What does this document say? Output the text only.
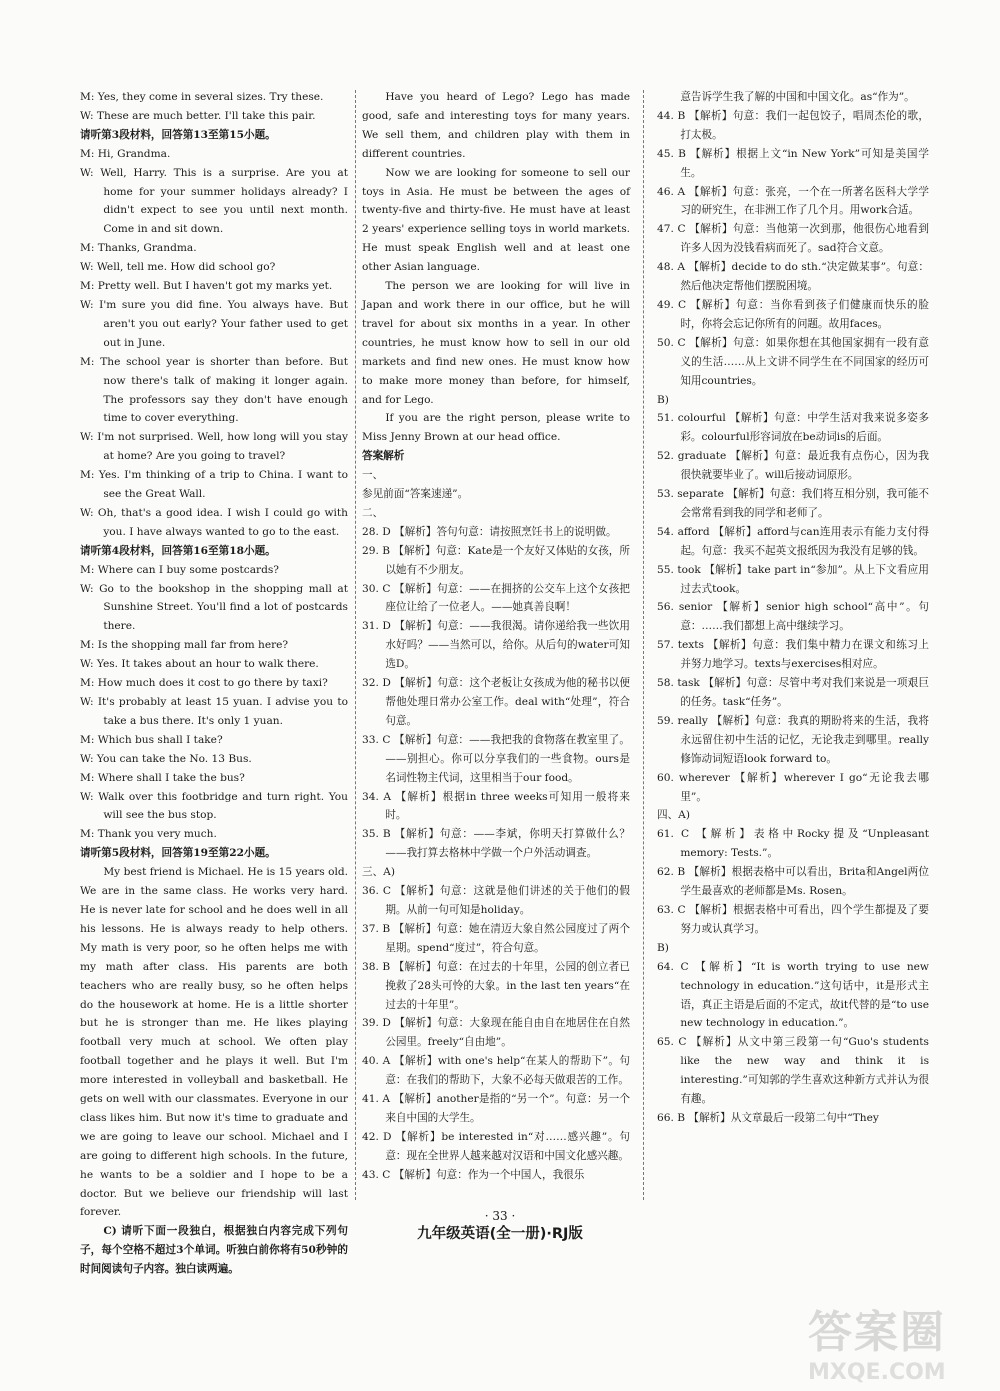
M: Yes, they come in several sizes. Try these.

W: These are much better. I'll take this pair.

请听第3段材料，回答第13至第15小题。

M: Hi, Grandma.

W: Well, Harry. This is a surprise. Are you at home for your summer holidays already? I didn't expect to see you until next month. Come in and sit down.

M: Thanks, Grandma.

W: Well, tell me. How did school go?

M: Pretty well. But I haven't got my marks yet.

W: I'm sure you did fine. You always have. But aren't you out early? Your father used to get out in June.

M: The school year is shorter than before. But now there's talk of making it longer again. The professors say they don't have enough time to cover everything.

W: I'm not surprised. Well, how long will you stay at home? Are you going to travel?

M: Yes. I'm thinking of a trip to China. I want to see the Great Wall.

W: Oh, that's a good idea. I wish I could go with you. I have always wanted to go to the east.

请听第4段材料，回答第16至第18小题。

M: Where can I buy some postcards?

W: Go to the bookshop in the shopping mall at Sunshine Street. You'll find a lot of postcards there.

M: Is the shopping mall far from here?

W: Yes. It takes about an hour to walk there.

M: How much does it cost to go there by taxi?

W: It's probably at least 15 yuan. I advise you to take a bus there. It's only 1 yuan.

M: Which bus shall I take?

W: You can take the No. 13 Bus.

M: Where shall I take the bus?

W: Walk over this footbridge and turn right. You will see the bus stop.

M: Thank you very much.

请听第5段材料，回答第19至第22小题。

My best friend is Michael. He is 15 years old. We are in the same class. He works very hard. He is never late for school and he does well in all his lessons. He is always ready to help others. My math is very poor, so he often helps me with my math after class. His parents are both teachers who are really busy, so he often helps do the housework at home. He is a little shorter but he is stronger than me. He likes playing football very much at school. We often play football together and he plays it well. But I'm more interested in volleyball and basketball. He gets on well with our classmates. Everyone in our class likes him. But now it's time to graduate and we are going to leave our school. Michael and I are going to different high schools. In the future, he wants to be a soldier and I hope to be a doctor. But we believe our friendship will last forever.

C) 请听下面一段独白，根据独白内容完成下列句子，每个空格不超过3个单词。听独白前你将有50秒钟的时间阅读句子内容。独白读两遍。

Have you heard of Lego? Lego has made good, safe and interesting toys for many years. We sell them, and children play with them in different countries.

Now we are looking for someone to sell our toys in Asia. He must be between the ages of twenty-five and thirty-five. He must have at least 2 years' experience selling toys in world markets. He must speak English well and at least one other Asian language.

The person we are looking for will live in Japan and work there in our office, but he will travel for about six months in a year. In other countries, he must know how to sell in our old markets and find new ones. He must know how to make more money than before, for himself, and for Lego.

If you are the right person, please write to Miss Jenny Brown at our head office.

答案解析

一、

参见前面“答案速递”。

二、

28. D 【解析】答句句意：请按照烹饪书上的说明做。

29. B 【解析】句意：Kate是一个友好又体贴的女孩，所以她有不少朋友。

30. C 【解析】句意：——在拥挤的公交车上这个女孩把座位让给了一位老人。——她真善良啊！

31. D 【解析】句意：——我很渴。请你递给我一些饮用水好吗？——当然可以，给你。从后句的water可知选D。

32. D 【解析】句意：这个老板让女孩成为他的秘书以便帮他处理日常办公室工作。deal with“处理”，符合句意。

33. C 【解析】句意：——我把我的食物落在教室里了。——别担心。你可以分享我们的一些食物。ours是名词性物主代词，这里相当于our food。

34. A 【解析】根据in three weeks可知用一般将来时。

35. B 【解析】句意：——李斌，你明天打算做什么？——我打算去格林中学做一个户外活动调查。

三、A)

36. C 【解析】句意：这就是他们讲述的关于他们的假期。从前一句可知是holiday。

37. B 【解析】句意：她在清迈大象自然公园度过了两个星期。spend“度过”，符合句意。

38. B 【解析】句意：在过去的十年里，公园的创立者已挽救了28头可怜的大象。in the last ten years“在过去的十年里”。

39. D 【解析】句意：大象现在能自由自在地居住在自然公园里。freely“自由地”。

40. A 【解析】with one's help“在某人的帮助下”。句意：在我们的帮助下，大象不必每天做艰苦的工作。

41. A 【解析】another是指的“另一个”。句意：另一个来自中国的大学生。

42. D 【解析】be interested in“对……感兴趣”。句意：现在全世界人越来越对汉语和中国文化感兴趣。

43. C 【解析】句意：作为一个中国人，我很乐

意告诉学生我了解的中国和中国文化。as“作为”。

44. B 【解析】句意：我们一起包饺子，唱周杰伦的歌，打太极。

45. B 【解析】根据上文“in New York”可知是美国学生。

46. A 【解析】句意：张亮，一个在一所著名医科大学学习的研究生，在非洲工作了几个月。用work合适。

47. C 【解析】句意：当他第一次到那，他很伤心地看到许多人因为没钱看病而死了。sad符合文意。

48. A 【解析】decide to do sth.“决定做某事”。句意：然后他决定帮他们摆脱困境。

49. C 【解析】句意：当你看到孩子们健康而快乐的脸时，你将会忘记你所有的问题。故用faces。

50. C 【解析】句意：如果你想在其他国家拥有一段有意义的生活……从上文讲不同学生在不同国家的经历可知用countries。

B)

51. colourful 【解析】句意：中学生活对我来说多姿多彩。colourful形容词放在be动词is的后面。

52. graduate 【解析】句意：最近我有点伤心，因为我很快就要毕业了。will后接动词原形。

53. separate 【解析】句意：我们将互相分别，我可能不会常常看到我的同学和老师了。

54. afford 【解析】afford与can连用表示有能力支付得起。句意：我买不起英文报纸因为我没有足够的钱。

55. took 【解析】take part in“参加”。从上下文看应用过去式took。

56. senior 【解析】senior high school“高中”。句意：……我们都想上高中继续学习。

57. texts 【解析】句意：我们集中精力在课文和练习上并努力地学习。texts与exercises相对应。

58. task 【解析】句意：尽管中考对我们来说是一项艰巨的任务。task“任务”。

59. really 【解析】句意：我真的期盼将来的生活，我将永远留住初中生活的记忆，无论我走到哪里。really修饰动词短语look forward to。

60. wherever 【解析】wherever I go“无论我去哪里”。

四、A)

61. C 【解析】表格中Rocky提及“Unpleasant memory: Tests.”。

62. B 【解析】根据表格中可以看出，Brita和Angel两位学生最喜欢的老师都是Ms. Rosen。

63. C 【解析】根据表格中可看出，四个学生都提及了要努力或认真学习。

B)

64. C 【解析】“It is worth trying to use new technology in education.”这句话中，it是形式主语，真正主语是后面的不定式，故it代替的是“to use new technology in education.”。

65. C 【解析】从文中第三段第一句“Guo's students like the new way and think it is interesting.”可知郭的学生喜欢这种新方式并认为很有趣。

66. B 【解析】从文章最后一段第二句中“They

· 33 ·
九年级英语(全一册)·RJ版
答案圈
MXQE.COM
